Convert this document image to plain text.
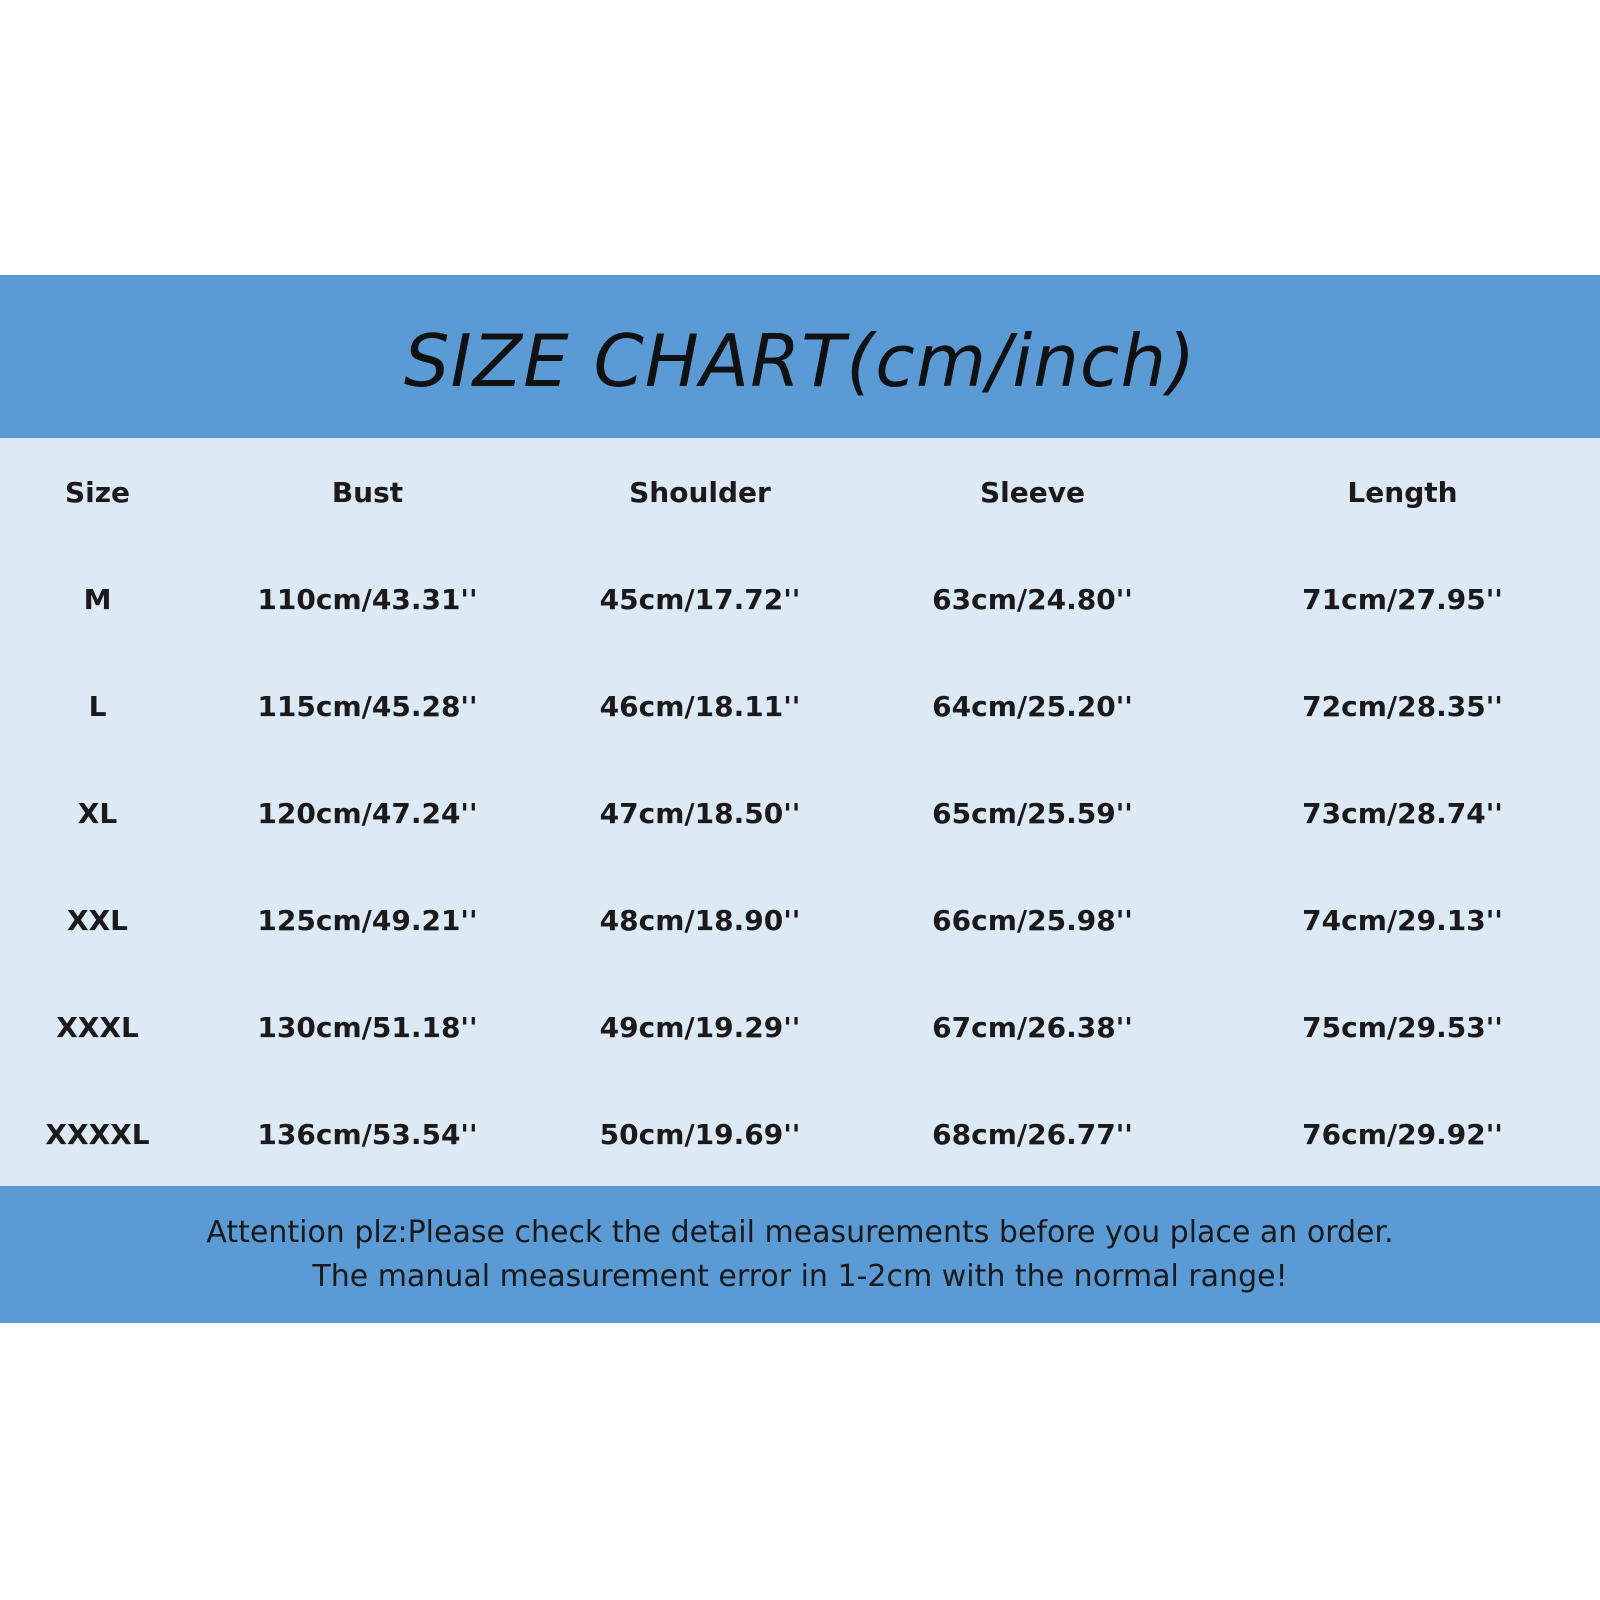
SIZE CHART(cm/inch)
Size	Bust	Shoulder	Sleeve	Length
M	110cm/43.31''	45cm/17.72''	63cm/24.80''	71cm/27.95''
L	115cm/45.28''	46cm/18.11''	64cm/25.20''	72cm/28.35''
XL	120cm/47.24''	47cm/18.50''	65cm/25.59''	73cm/28.74''
XXL	125cm/49.21''	48cm/18.90''	66cm/25.98''	74cm/29.13''
XXXL	130cm/51.18''	49cm/19.29''	67cm/26.38''	75cm/29.53''
XXXXL	136cm/53.54''	50cm/19.69''	68cm/26.77''	76cm/29.92''
Attention plz:Please check the detail measurements before you place an order.
The manual measurement error in 1-2cm with the normal range!
